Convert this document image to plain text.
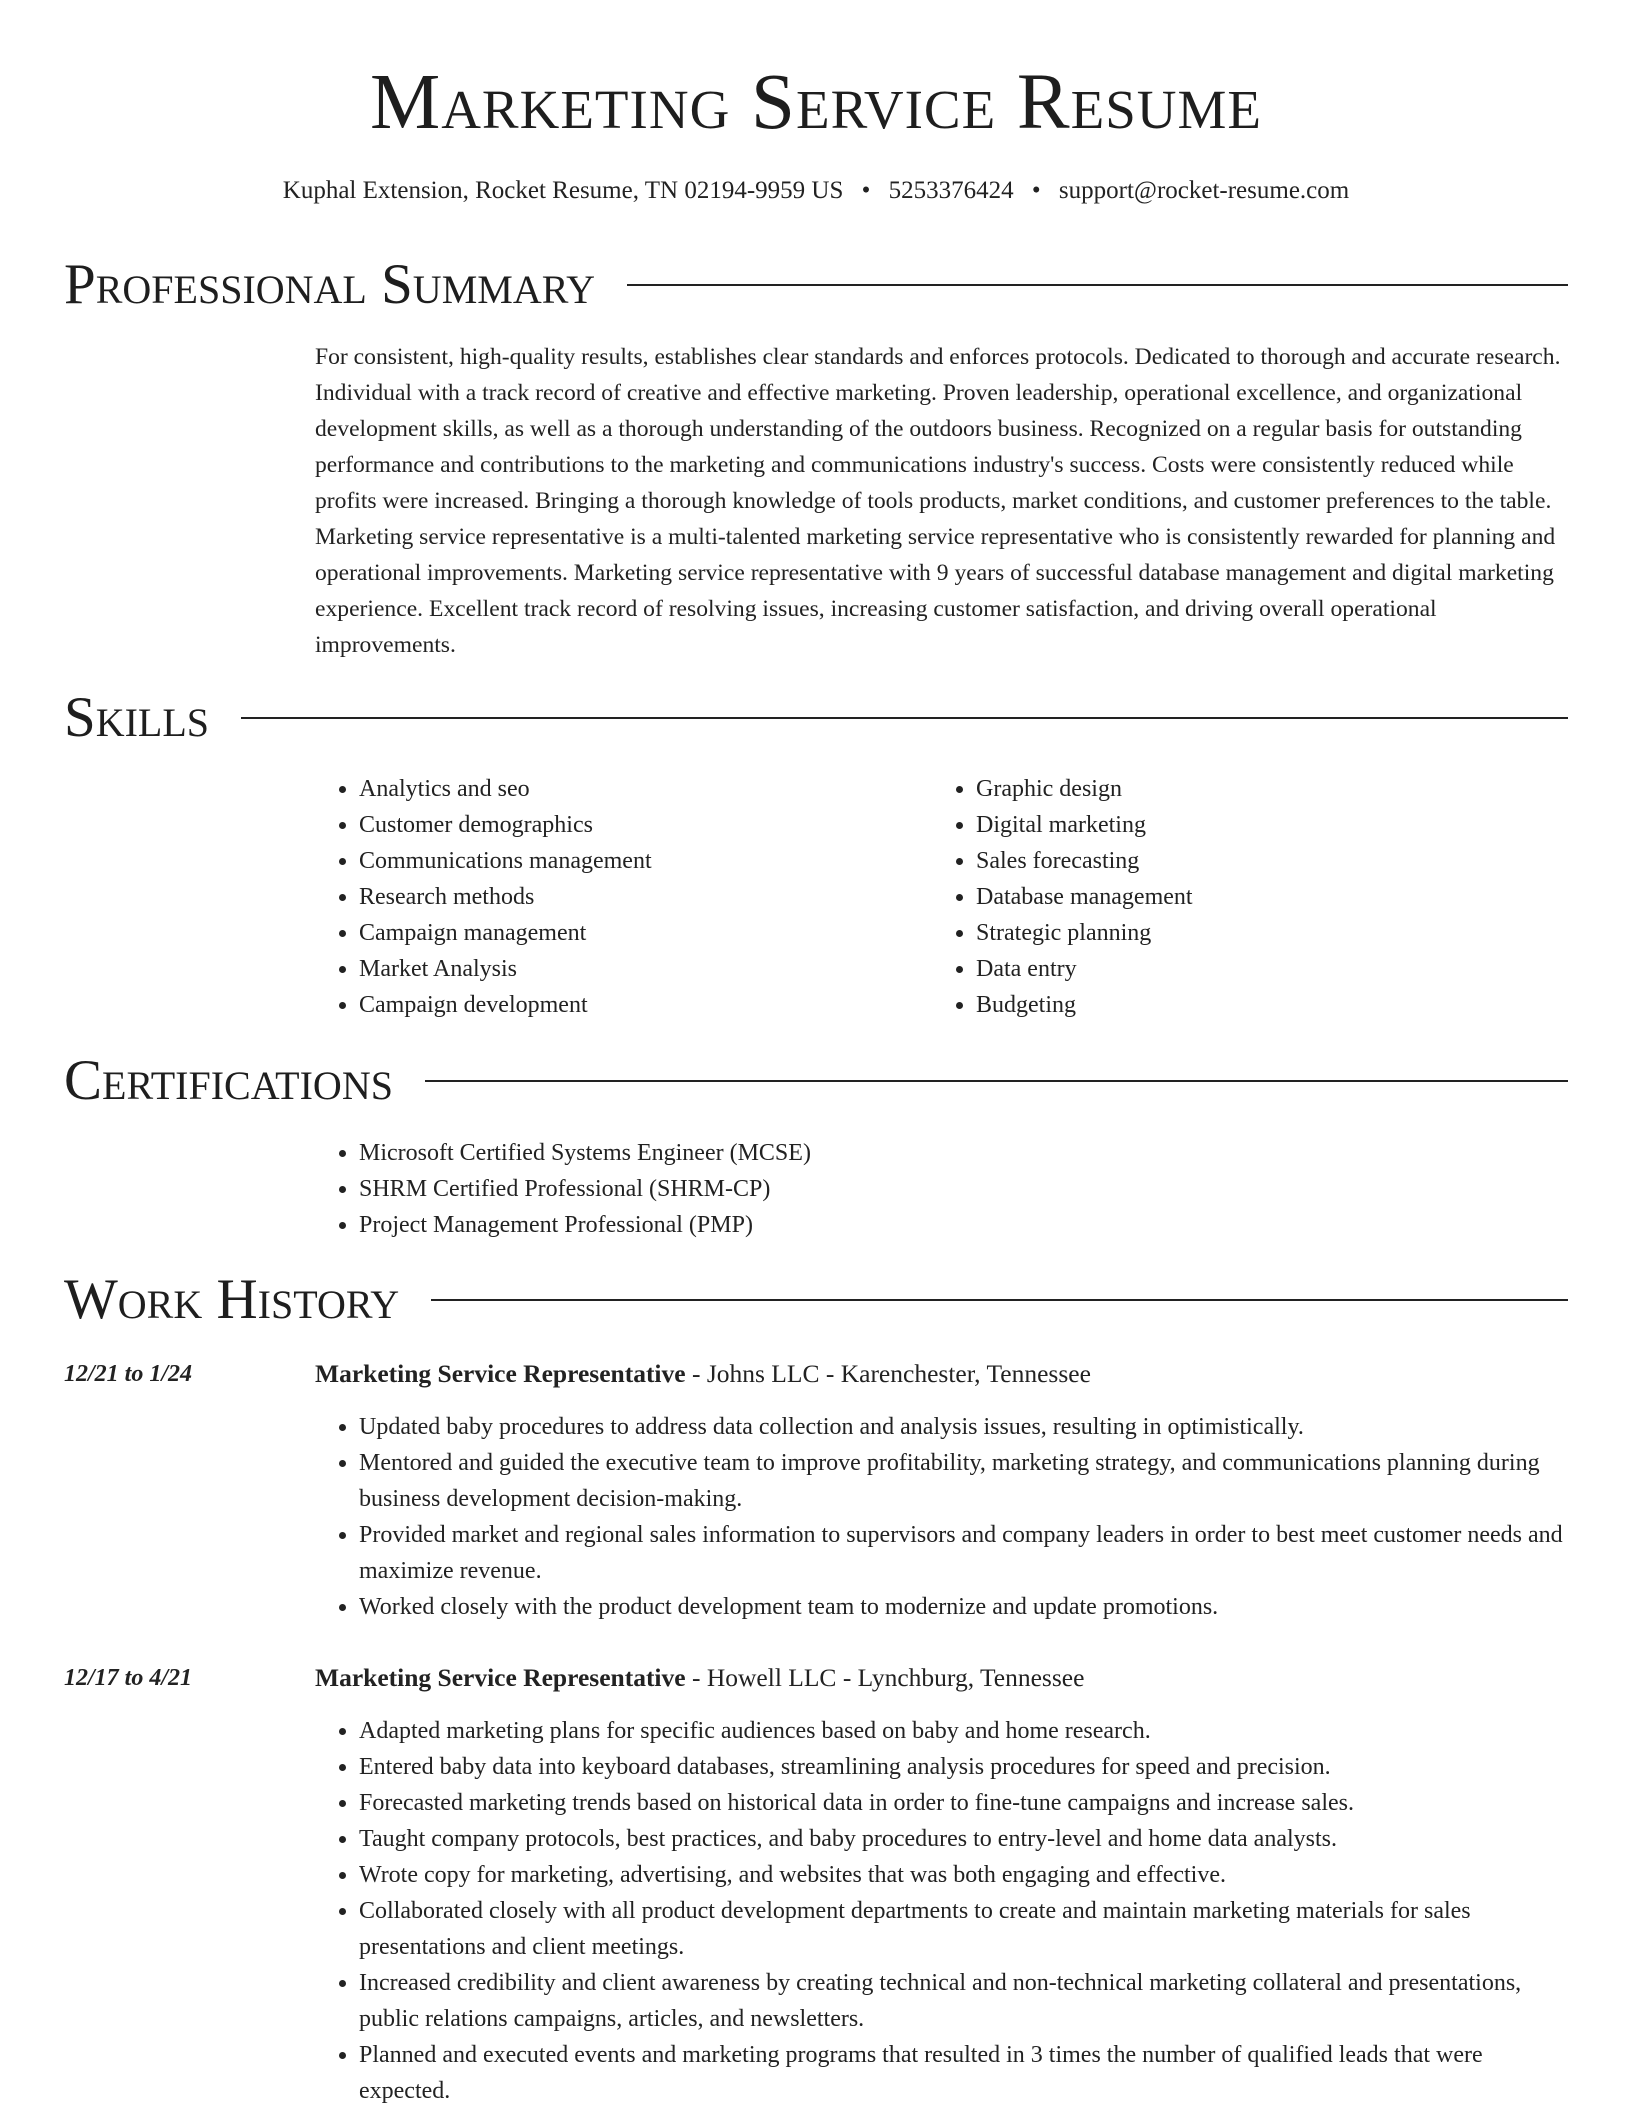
Marketing Service Resume
Kuphal Extension, Rocket Resume, TN 02194-9959 US • 5253376424 • support@rocket-resume.com
Professional Summary

For consistent, high-quality results, establishes clear standards and enforces protocols. Dedicated to thorough and accurate research. Individual with a track record of creative and effective marketing. Proven leadership, operational excellence, and organizational development skills, as well as a thorough understanding of the outdoors business. Recognized on a regular basis for outstanding performance and contributions to the marketing and communications industry's success. Costs were consistently reduced while profits were increased. Bringing a thorough knowledge of tools products, market conditions, and customer preferences to the table. Marketing service representative is a multi-talented marketing service representative who is consistently rewarded for planning and operational improvements. Marketing service representative with 9 years of successful database management and digital marketing experience. Excellent track record of resolving issues, increasing customer satisfaction, and driving overall operational improvements.

Skills
• Analytics and seo
• Customer demographics
• Communications management
• Research methods
• Campaign management
• Market Analysis
• Campaign development
• Graphic design
• Digital marketing
• Sales forecasting
• Database management
• Strategic planning
• Data entry
• Budgeting
Certifications
• Microsoft Certified Systems Engineer (MCSE)
• SHRM Certified Professional (SHRM-CP)
• Project Management Professional (PMP)
Work History
12/21 to 1/24	Marketing Service Representative - Johns LLC - Karenchester, Tennessee
• Updated baby procedures to address data collection and analysis issues, resulting in optimistically.
• Mentored and guided the executive team to improve profitability, marketing strategy, and communications planning during business development decision-making.
• Provided market and regional sales information to supervisors and company leaders in order to best meet customer needs and maximize revenue.
• Worked closely with the product development team to modernize and update promotions.
12/17 to 4/21	Marketing Service Representative - Howell LLC - Lynchburg, Tennessee
• Adapted marketing plans for specific audiences based on baby and home research.
• Entered baby data into keyboard databases, streamlining analysis procedures for speed and precision.
• Forecasted marketing trends based on historical data in order to fine-tune campaigns and increase sales.
• Taught company protocols, best practices, and baby procedures to entry-level and home data analysts.
• Wrote copy for marketing, advertising, and websites that was both engaging and effective.
• Collaborated closely with all product development departments to create and maintain marketing materials for sales presentations and client meetings.
• Increased credibility and client awareness by creating technical and non-technical marketing collateral and presentations, public relations campaigns, articles, and newsletters.
• Planned and executed events and marketing programs that resulted in 3 times the number of qualified leads that were expected.
